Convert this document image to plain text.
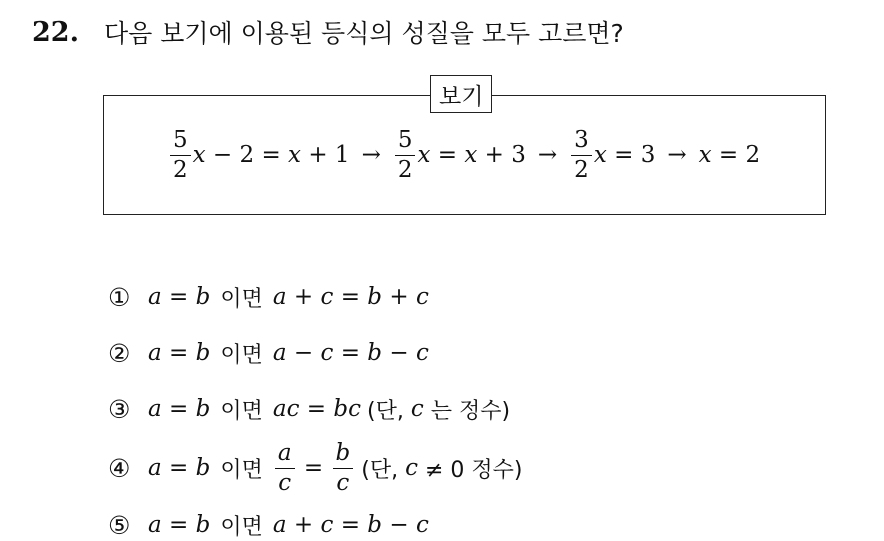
22.	다음 보기에 이용된 등식의 성질을 모두 고르면?
보기
$\frac{5}{2}$ $x - 2 = x + 1 \to \frac{5}{2}$ $x = x + 3 \to \frac{3}{2}$ x = 3 → x = 2
① a = b 이면 a + c = b + c
② a = b 이면 a − c = b − c
③ a = b 이면 ac = bc (단, c 는 정수)
④ a = b 이면 $\frac{a}{c} = \frac{b}{c}$ (단, c ≠ 0 정수)
⑤ a = b 이면 a + c = b − c
